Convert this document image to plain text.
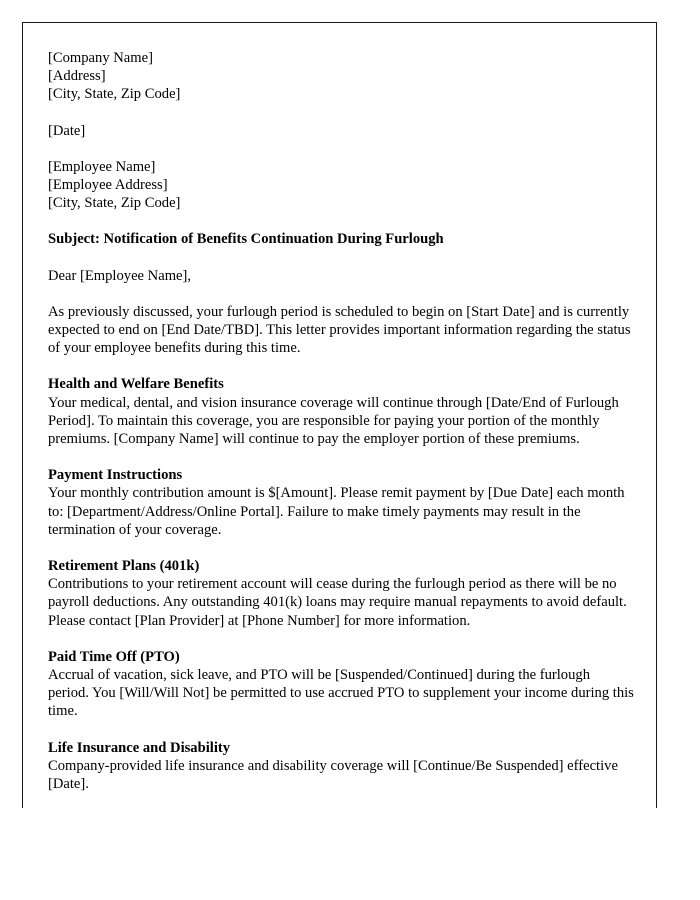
[Company Name]
[Address]
[City, State, Zip Code]
[Date]
[Employee Name]
[Employee Address]
[City, State, Zip Code]

Subject: Notification of Benefits Continuation During Furlough

Dear [Employee Name],

As previously discussed, your furlough period is scheduled to begin on [Start Date] and is currently expected to end on [End Date/TBD]. This letter provides important information regarding the status of your employee benefits during this time.

Health and Welfare Benefits

Your medical, dental, and vision insurance coverage will continue through [Date/End of Furlough Period]. To maintain this coverage, you are responsible for paying your portion of the monthly premiums. [Company Name] will continue to pay the employer portion of these premiums.

Payment Instructions

Your monthly contribution amount is $[Amount]. Please remit payment by [Due Date] each month to: [Department/Address/Online Portal]. Failure to make timely payments may result in the termination of your coverage.

Retirement Plans (401k)

Contributions to your retirement account will cease during the furlough period as there will be no payroll deductions. Any outstanding 401(k) loans may require manual repayments to avoid default. Please contact [Plan Provider] at [Phone Number] for more information.

Paid Time Off (PTO)

Accrual of vacation, sick leave, and PTO will be [Suspended/Continued] during the furlough period. You [Will/Will Not] be permitted to use accrued PTO to supplement your income during this time.

Life Insurance and Disability

Company-provided life insurance and disability coverage will [Continue/Be Suspended] effective [Date].
